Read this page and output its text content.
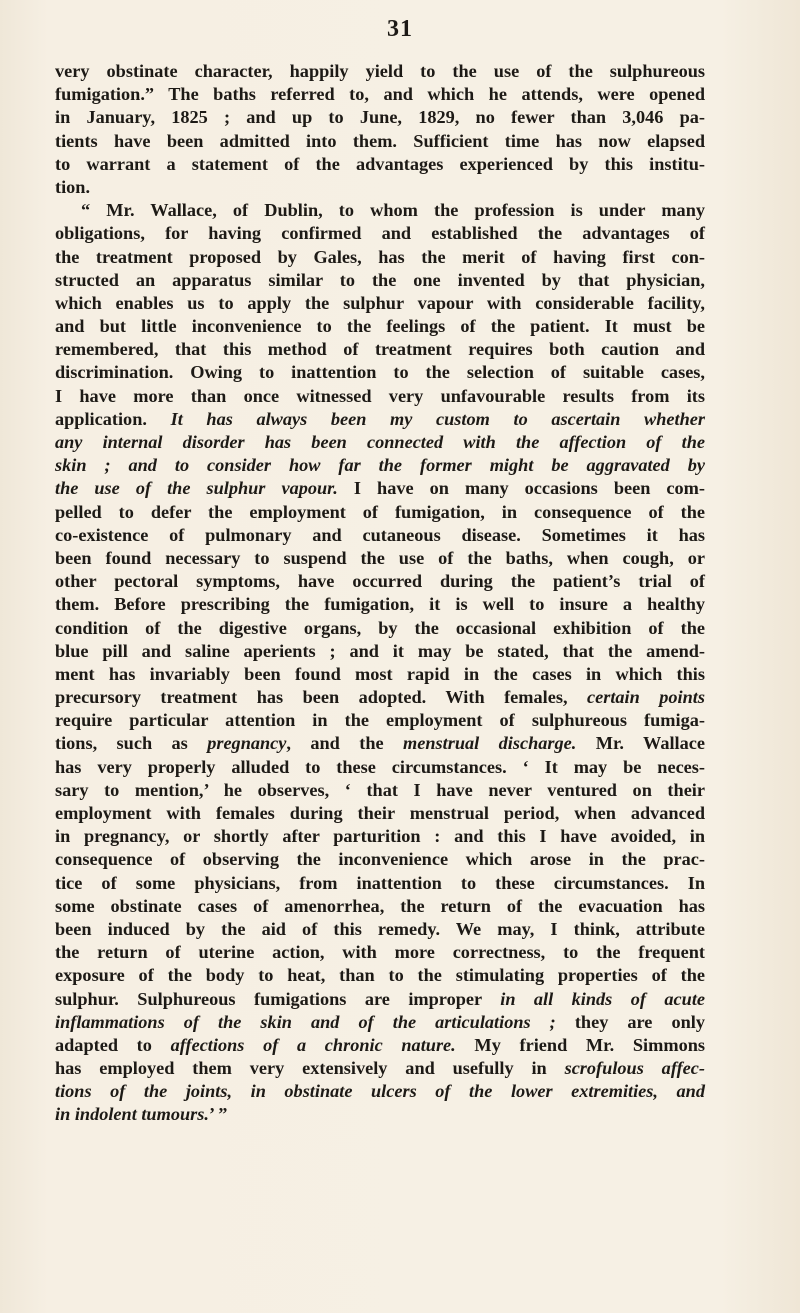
31
very obstinate character, happily yield to the use of the sulphureous
fumigation.” The baths referred to, and which he attends, were opened
in January, 1825 ; and up to June, 1829, no fewer than 3,046 pa-
tients have been admitted into them. Sufficient time has now elapsed
to warrant a statement of the advantages experienced by this institu-
tion.
“ Mr. Wallace, of Dublin, to whom the profession is under many
obligations, for having confirmed and established the advantages of
the treatment proposed by Gales, has the merit of having first con-
structed an apparatus similar to the one invented by that physician,
which enables us to apply the sulphur vapour with considerable facility,
and but little inconvenience to the feelings of the patient. It must be
remembered, that this method of treatment requires both caution and
discrimination. Owing to inattention to the selection of suitable cases,
I have more than once witnessed very unfavourable results from its
application. It has always been my custom to ascertain whether
any internal disorder has been connected with the affection of the
skin ; and to consider how far the former might be aggravated by
the use of the sulphur vapour. I have on many occasions been com-
pelled to defer the employment of fumigation, in consequence of the
co-existence of pulmonary and cutaneous disease. Sometimes it has
been found necessary to suspend the use of the baths, when cough, or
other pectoral symptoms, have occurred during the patient’s trial of
them. Before prescribing the fumigation, it is well to insure a healthy
condition of the digestive organs, by the occasional exhibition of the
blue pill and saline aperients ; and it may be stated, that the amend-
ment has invariably been found most rapid in the cases in which this
precursory treatment has been adopted. With females, certain points
require particular attention in the employment of sulphureous fumiga-
tions, such as pregnancy, and the menstrual discharge. Mr. Wallace
has very properly alluded to these circumstances. ‘ It may be neces-
sary to mention,’ he observes, ‘ that I have never ventured on their
employment with females during their menstrual period, when advanced
in pregnancy, or shortly after parturition : and this I have avoided, in
consequence of observing the inconvenience which arose in the prac-
tice of some physicians, from inattention to these circumstances. In
some obstinate cases of amenorrhea, the return of the evacuation has
been induced by the aid of this remedy. We may, I think, attribute
the return of uterine action, with more correctness, to the frequent
exposure of the body to heat, than to the stimulating properties of the
sulphur. Sulphureous fumigations are improper in all kinds of acute
inflammations of the skin and of the articulations ; they are only
adapted to affections of a chronic nature. My friend Mr. Simmons
has employed them very extensively and usefully in scrofulous affec-
tions of the joints, in obstinate ulcers of the lower extremities, and
in indolent tumours.’ ”
